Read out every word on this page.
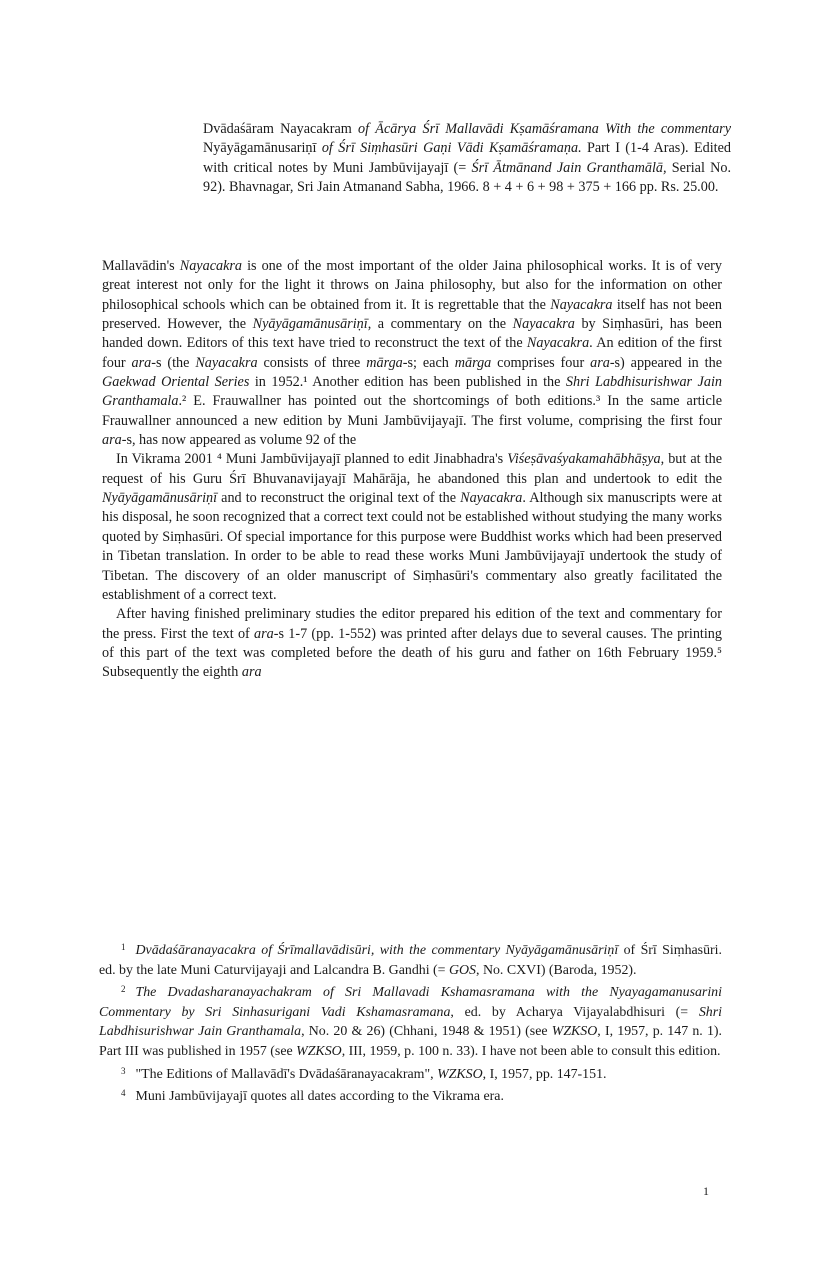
Dvādaśāram Nayacakram of Ācārya Śrī Mallavādi Kṣamāśramana With the commentary Nyāyāgamānusariṇī of Śrī Siṃhasūri Gaṇi Vādi Kṣamāśramaṇa. Part I (1-4 Aras). Edited with critical notes by Muni Jambūvijayajī (= Śrī Ātmānand Jain Granthamālā, Serial No. 92). Bhavnagar, Sri Jain Atmanand Sabha, 1966. 8 + 4 + 6 + 98 + 375 + 166 pp. Rs. 25.00.

Mallavādin's Nayacakra is one of the most important of the older Jaina philosophical works. It is of very great interest not only for the light it throws on Jaina philosophy, but also for the information on other philosophical schools which can be obtained from it. It is regrettable that the Nayacakra itself has not been preserved. However, the Nyāyāgamānusāriṇī, a commentary on the Nayacakra by Siṃhasūri, has been handed down. Editors of this text have tried to reconstruct the text of the Nayacakra. An edition of the first four ara-s (the Nayacakra consists of three mārga-s; each mārga comprises four ara-s) appeared in the Gaekwad Oriental Series in 1952.¹ Another edition has been published in the Shri Labdhisurishwar Jain Granthamala.² E. Frauwallner has pointed out the shortcomings of both editions.³ In the same article Frauwallner announced a new edition by Muni Jambūvijayajī. The first volume, comprising the first four ara-s, has now appeared as volume 92 of the

In Vikrama 2001 ⁴ Muni Jambūvijayajī planned to edit Jinabhadra's Viśeṣāvaśyakamahābhāṣya, but at the request of his Guru Śrī Bhuvanavijayajī Mahārāja, he abandoned this plan and undertook to edit the Nyāyāgamānusāriṇī and to reconstruct the original text of the Nayacakra. Although six manuscripts were at his disposal, he soon recognized that a correct text could not be established without studying the many works quoted by Siṃhasūri. Of special importance for this purpose were Buddhist works which had been preserved in Tibetan translation. In order to be able to read these works Muni Jambūvijayajī undertook the study of Tibetan. The discovery of an older manuscript of Siṃhasūri's commentary also greatly facilitated the establishment of a correct text.

After having finished preliminary studies the editor prepared his edition of the text and commentary for the press. First the text of ara-s 1-7 (pp. 1-552) was printed after delays due to several causes. The printing of this part of the text was completed before the death of his guru and father on 16th February 1959.⁵ Subsequently the eighth ara

$^1$ Dvādaśāranayacakra of Śrīmallavādisūri, with the commentary Nyāyāgamānusāriṇī of Śrī Siṃhasūri. ed. by the late Muni Caturvijayaji and Lalcandra B. Gandhi (= GOS, No. CXVI) (Baroda, 1952).

$^2$ The Dvadasharanayachakram of Sri Mallavadi Kshamasramana with the Nyayagamanusarini Commentary by Sri Sinhasurigani Vadi Kshamasramana, ed. by Acharya Vijayalabdhisuri (= Shri Labdhisurishwar Jain Granthamala, No. 20 & 26) (Chhani, 1948 & 1951) (see WZKSO, I, 1957, p. 147 n. 1). Part III was published in 1957 (see WZKSO, III, 1959, p. 100 n. 33). I have not been able to consult this edition.

$^3$ "The Editions of Mallavādī's Dvādaśāranayacakram", WZKSO, I, 1957, pp. 147-151.

$^4$ Muni Jambūvijayajī quotes all dates according to the Vikrama era.

1
